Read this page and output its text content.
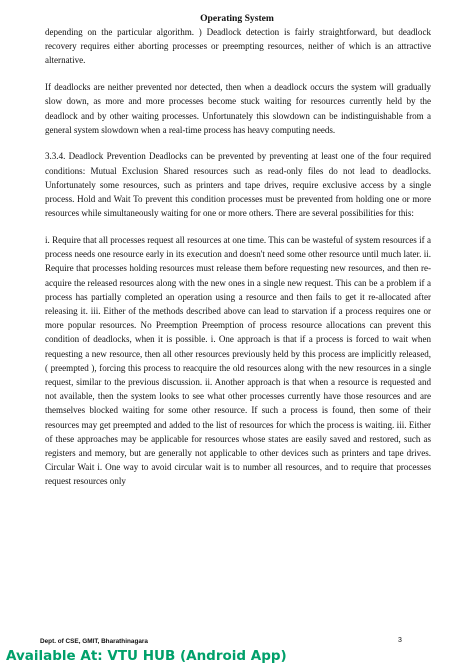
Operating System

depending on the particular algorithm. ) Deadlock detection is fairly straightforward, but deadlock recovery requires either aborting processes or preempting resources, neither of which is an attractive alternative.

If deadlocks are neither prevented nor detected, then when a deadlock occurs the system will gradually slow down, as more and more processes become stuck waiting for resources currently held by the deadlock and by other waiting processes. Unfortunately this slowdown can be indistinguishable from a general system slowdown when a real-time process has heavy computing needs.

3.3.4. Deadlock Prevention Deadlocks can be prevented by preventing at least one of the four required conditions: Mutual Exclusion Shared resources such as read-only files do not lead to deadlocks. Unfortunately some resources, such as printers and tape drives, require exclusive access by a single process. Hold and Wait To prevent this condition processes must be prevented from holding one or more resources while simultaneously waiting for one or more others. There are several possibilities for this:

i. Require that all processes request all resources at one time. This can be wasteful of system resources if a process needs one resource early in its execution and doesn't need some other resource until much later. ii. Require that processes holding resources must release them before requesting new resources, and then re-acquire the released resources along with the new ones in a single new request. This can be a problem if a process has partially completed an operation using a resource and then fails to get it re-allocated after releasing it. iii. Either of the methods described above can lead to starvation if a process requires one or more popular resources. No Preemption Preemption of process resource allocations can prevent this condition of deadlocks, when it is possible. i. One approach is that if a process is forced to wait when requesting a new resource, then all other resources previously held by this process are implicitly released, ( preempted ), forcing this process to reacquire the old resources along with the new resources in a single request, similar to the previous discussion. ii. Another approach is that when a resource is requested and not available, then the system looks to see what other processes currently have those resources and are themselves blocked waiting for some other resource. If such a process is found, then some of their resources may get preempted and added to the list of resources for which the process is waiting. iii. Either of these approaches may be applicable for resources whose states are easily saved and restored, such as registers and memory, but are generally not applicable to other devices such as printers and tape drives. Circular Wait i. One way to avoid circular wait is to number all resources, and to require that processes request resources only

Dept. of CSE, GMIT, Bharathinagara	3
Available At: VTU HUB (Android App)
